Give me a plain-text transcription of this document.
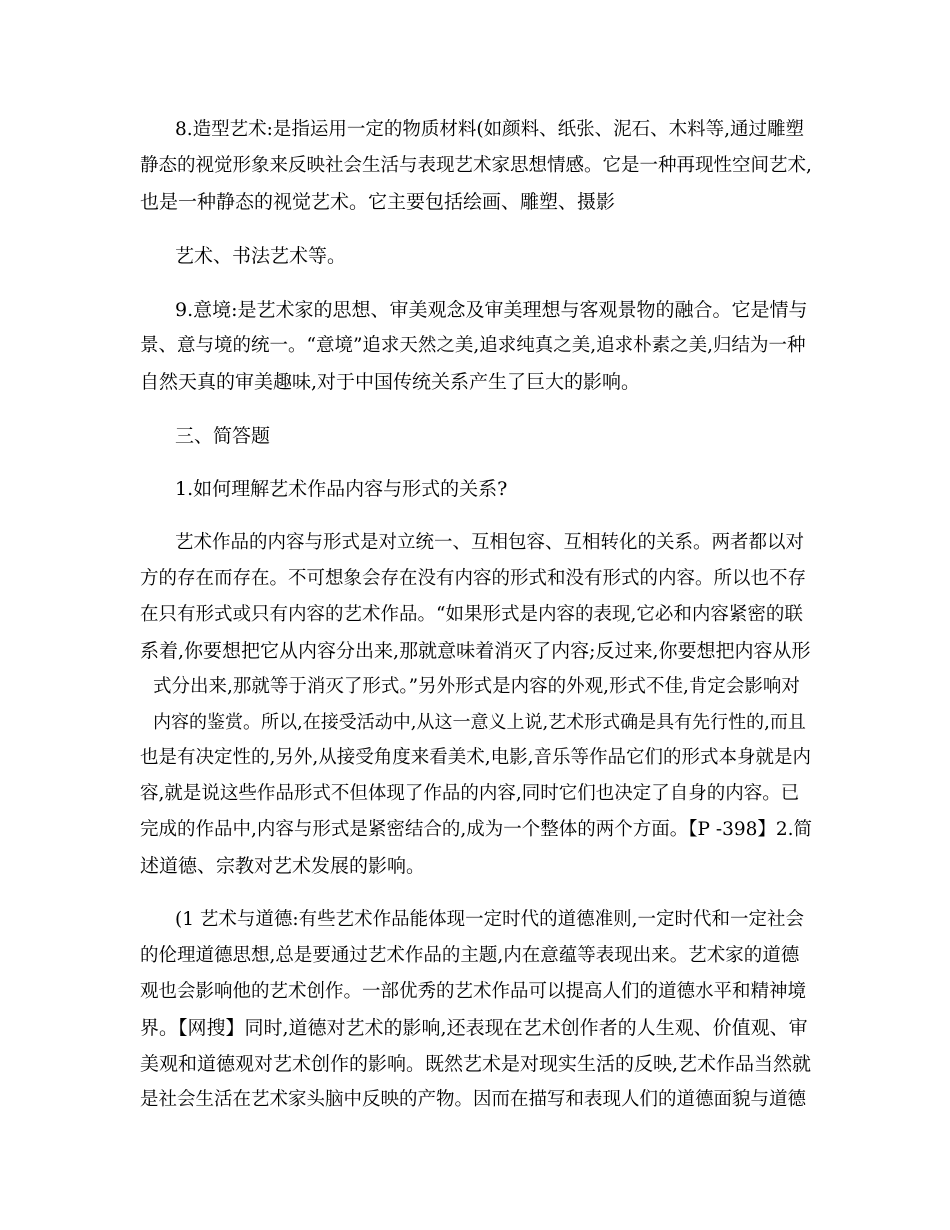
8.造型艺术:是指运用一定的物质材料(如颜料、纸张、泥石、木料等,通过雕塑
静态的视觉形象来反映社会生活与表现艺术家思想情感。它是一种再现性空间艺术,
也是一种静态的视觉艺术。它主要包括绘画、雕塑、摄影
艺术、书法艺术等。
9.意境:是艺术家的思想、审美观念及审美理想与客观景物的融合。它是情与
景、意与境的统一。“意境”追求天然之美,追求纯真之美,追求朴素之美,归结为一种
自然天真的审美趣味,对于中国传统关系产生了巨大的影响。
三、简答题
1.如何理解艺术作品内容与形式的关系?
艺术作品的内容与形式是对立统一、互相包容、互相转化的关系。两者都以对
方的存在而存在。不可想象会存在没有内容的形式和没有形式的内容。所以也不存
在只有形式或只有内容的艺术作品。“如果形式是内容的表现,它必和内容紧密的联
系着,你要想把它从内容分出来,那就意味着消灭了内容;反过来,你要想把内容从形
式分出来,那就等于消灭了形式。”另外形式是内容的外观,形式不佳,肯定会影响对
内容的鉴赏。所以,在接受活动中,从这一意义上说,艺术形式确是具有先行性的,而且
也是有决定性的,另外,从接受角度来看美术,电影,音乐等作品它们的形式本身就是内
容,就是说这些作品形式不但体现了作品的内容,同时它们也决定了自身的内容。已
完成的作品中,内容与形式是紧密结合的,成为一个整体的两个方面。【P -398】2.简
述道德、宗教对艺术发展的影响。
(1 艺术与道德:有些艺术作品能体现一定时代的道德准则,一定时代和一定社会
的伦理道德思想,总是要通过艺术作品的主题,内在意蕴等表现出来。艺术家的道德
观也会影响他的艺术创作。一部优秀的艺术作品可以提高人们的道德水平和精神境
界。【网搜】同时,道德对艺术的影响,还表现在艺术创作者的人生观、价值观、审
美观和道德观对艺术创作的影响。既然艺术是对现实生活的反映,艺术作品当然就
是社会生活在艺术家头脑中反映的产物。因而在描写和表现人们的道德面貌与道德
